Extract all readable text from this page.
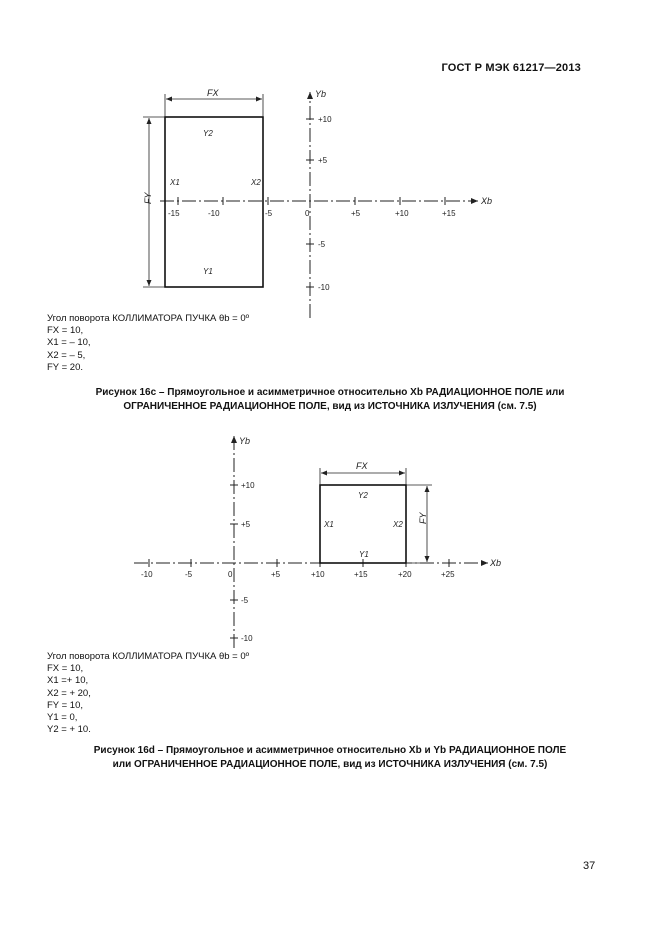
ГОСТ Р МЭК 61217—2013
Xb
Yb
-15	-10	-5	0	+5	+10	+15
+10
+5
-5
-10
FX
FY
Y2
X1	X2
Y1
Угол поворота КОЛЛИМАТОРА ПУЧКА θb = 0º
FX = 10,
X1 = – 10,
X2 = – 5,
FY = 20.
Рисунок 16с – Прямоугольное и асимметричное относительно Xb РАДИАЦИОННОЕ ПОЛЕ или
ОГРАНИЧЕННОЕ РАДИАЦИОННОЕ ПОЛЕ, вид из ИСТОЧНИКА ИЗЛУЧЕНИЯ (см. 7.5)
Xb
Yb
-10	-5	0	+5	+10	+15	+20	+25
+10
+5
-5
-10
FX
FY
Y2
X1	X2
Y1
Угол поворота КОЛЛИМАТОРА ПУЧКА θb = 0º
FX = 10,
X1 =+ 10,
X2 = + 20,
FY = 10,
Y1 = 0,
Y2 = + 10.
Рисунок 16d – Прямоугольное и асимметричное относительно Xb и Yb РАДИАЦИОННОЕ ПОЛЕ
или ОГРАНИЧЕННОЕ РАДИАЦИОННОЕ ПОЛЕ, вид из ИСТОЧНИКА ИЗЛУЧЕНИЯ (см. 7.5)
37
